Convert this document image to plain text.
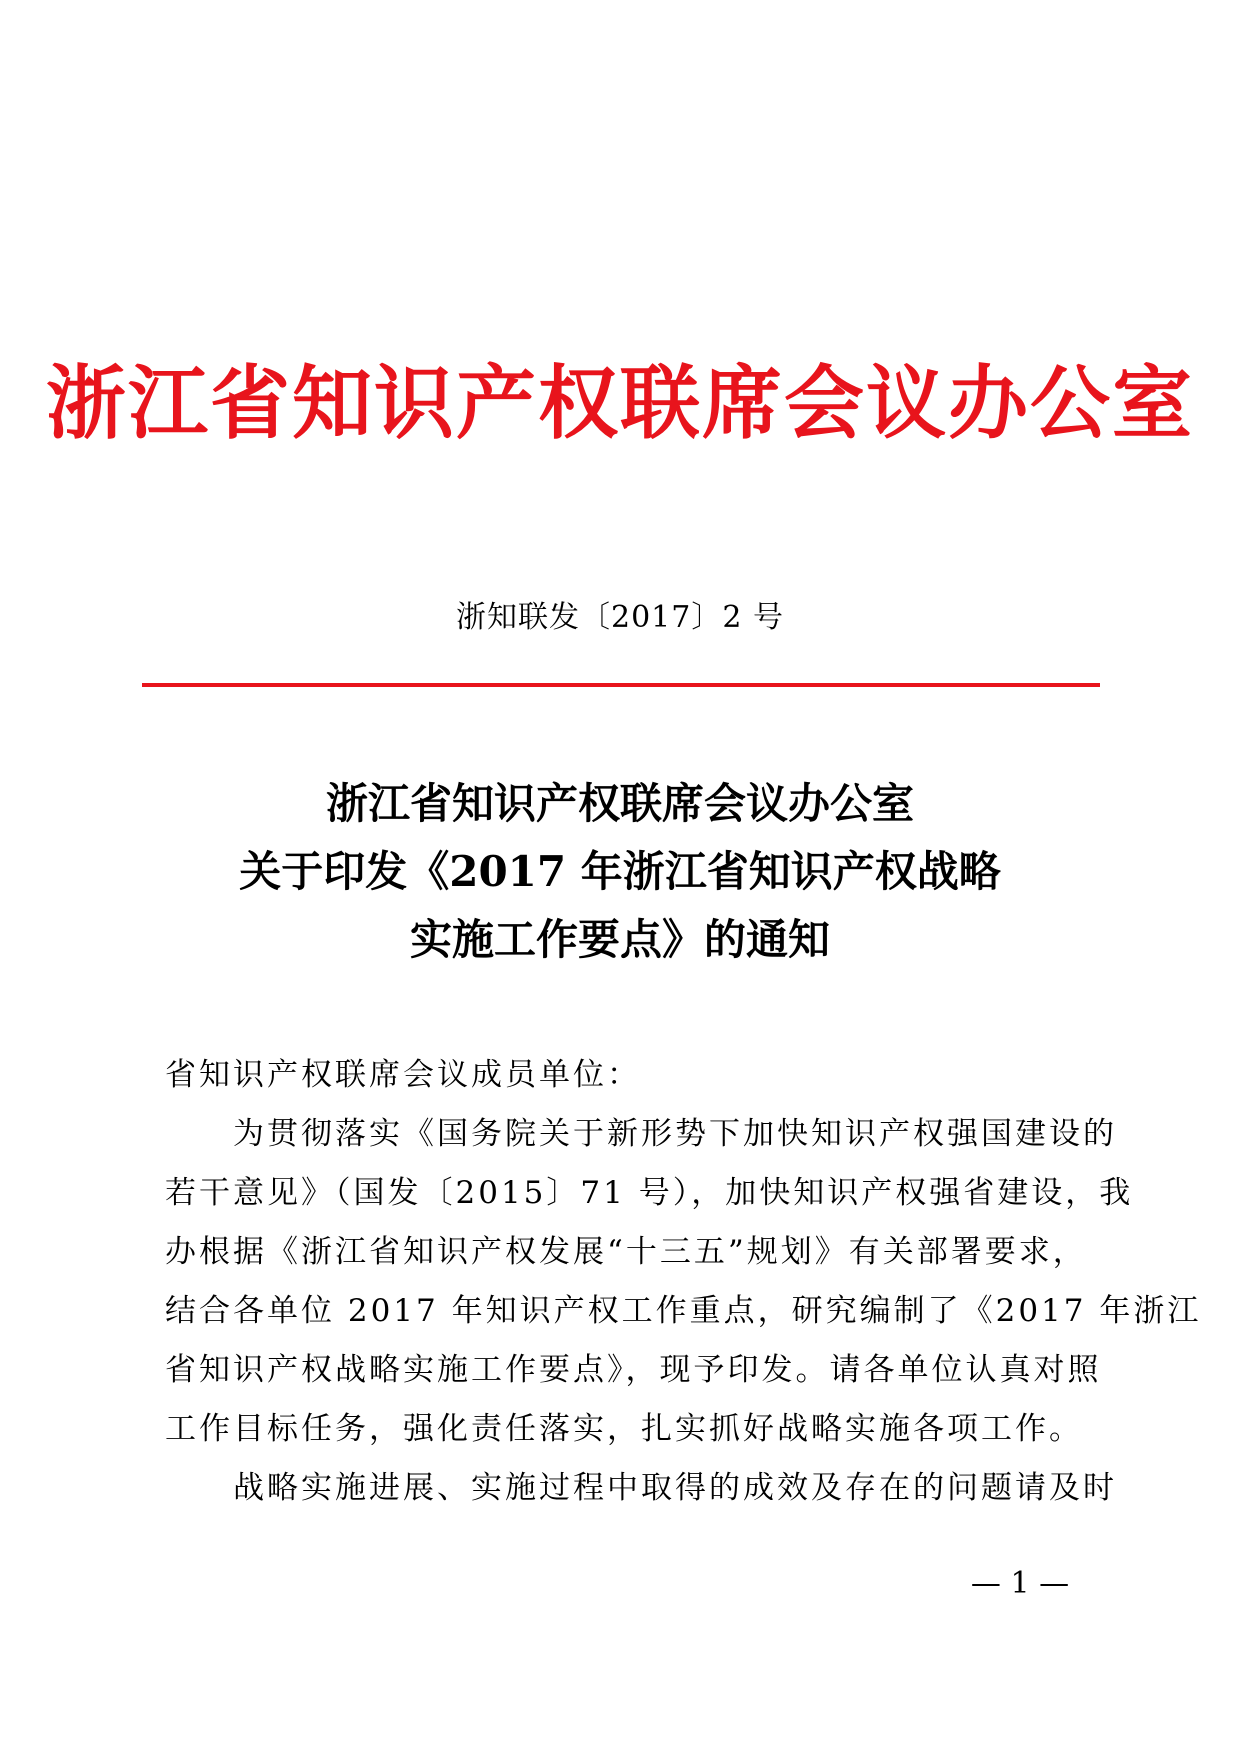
浙江省知识产权联席会议办公室
浙知联发〔2017〕2 号
浙江省知识产权联席会议办公室
关于印发《2017 年浙江省知识产权战略
实施工作要点》的通知
省知识产权联席会议成员单位：
　　为贯彻落实《国务院关于新形势下加快知识产权强国建设的
若干意见》（国发〔2015〕71 号），加快知识产权强省建设，我
办根据《浙江省知识产权发展“十三五”规划》有关部署要求，
结合各单位 2017 年知识产权工作重点，研究编制了《2017 年浙江
省知识产权战略实施工作要点》，现予印发。请各单位认真对照
工作目标任务，强化责任落实，扎实抓好战略实施各项工作。
　　战略实施进展、实施过程中取得的成效及存在的问题请及时
— 1 —
